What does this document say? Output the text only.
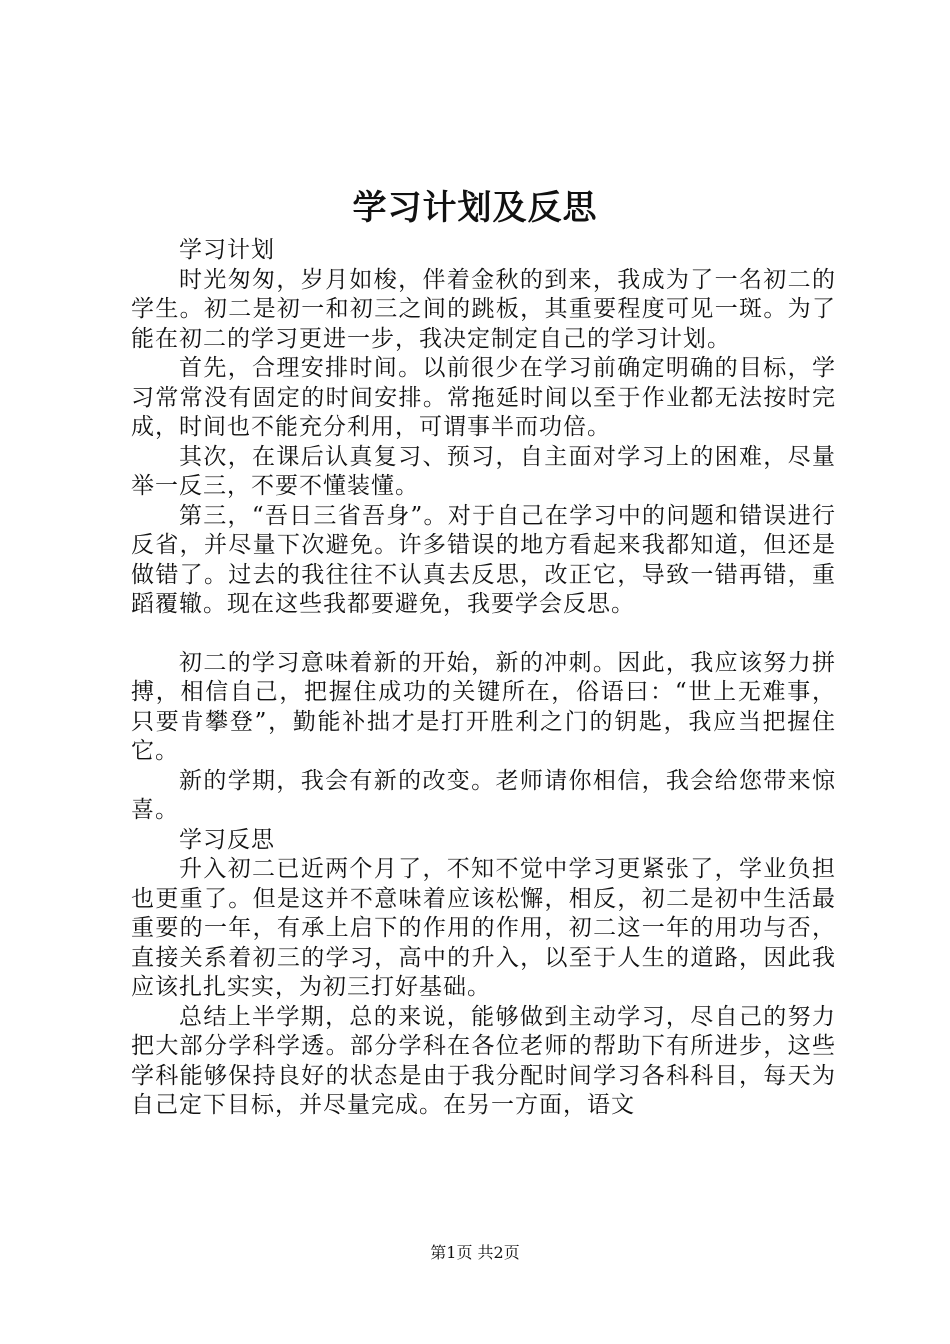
学习计划及反思

学习计划

时光匆匆，岁月如梭，伴着金秋的到来，我成为了一名初二的学生。初二是初一和初三之间的跳板，其重要程度可见一斑。为了能在初二的学习更进一步，我决定制定自己的学习计划。

首先，合理安排时间。以前很少在学习前确定明确的目标，学习常常没有固定的时间安排。常拖延时间以至于作业都无法按时完成，时间也不能充分利用，可谓事半而功倍。

其次，在课后认真复习、预习，自主面对学习上的困难，尽量举一反三，不要不懂装懂。

第三，“吾日三省吾身”。对于自己在学习中的问题和错误进行反省，并尽量下次避免。许多错误的地方看起来我都知道，但还是做错了。过去的我往往不认真去反思，改正它，导致一错再错，重蹈覆辙。现在这些我都要避免，我要学会反思。

初二的学习意味着新的开始，新的冲刺。因此，我应该努力拼搏，相信自己，把握住成功的关键所在，俗语曰：“世上无难事，只要肯攀登”，勤能补拙才是打开胜利之门的钥匙，我应当把握住它。

新的学期，我会有新的改变。老师请你相信，我会给您带来惊喜。

学习反思

升入初二已近两个月了，不知不觉中学习更紧张了，学业负担也更重了。但是这并不意味着应该松懈，相反，初二是初中生活最重要的一年，有承上启下的作用的作用，初二这一年的用功与否，直接关系着初三的学习，高中的升入，以至于人生的道路，因此我应该扎扎实实，为初三打好基础。

总结上半学期，总的来说，能够做到主动学习，尽自己的努力把大部分学科学透。部分学科在各位老师的帮助下有所进步，这些学科能够保持良好的状态是由于我分配时间学习各科科目，每天为自己定下目标，并尽量完成。在另一方面，语文

第1页 共2页
